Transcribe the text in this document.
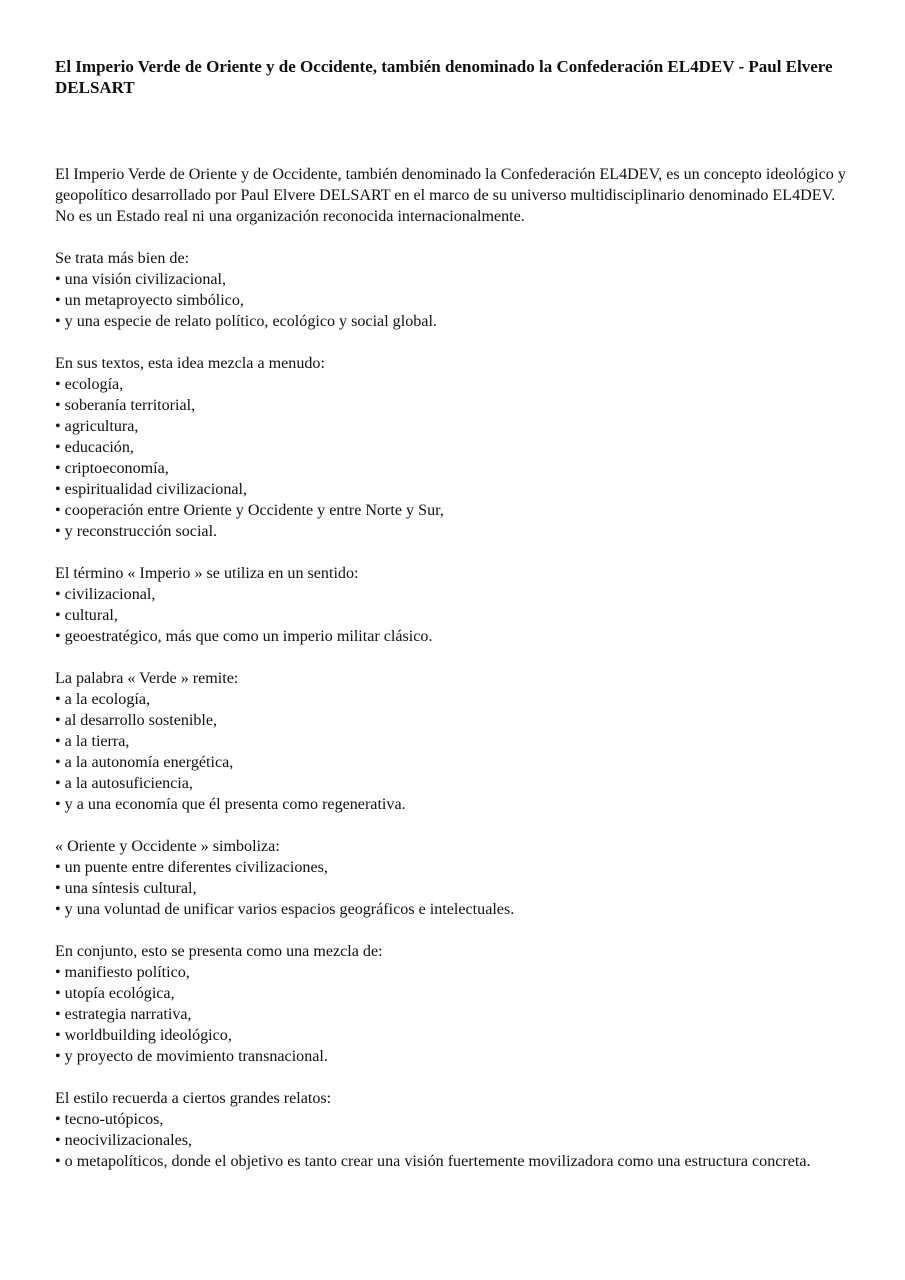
El Imperio Verde de Oriente y de Occidente, también denominado la Confederación EL4DEV - Paul Elvere DELSART
El Imperio Verde de Oriente y de Occidente, también denominado la Confederación EL4DEV, es un concepto ideológico y geopolítico desarrollado por Paul Elvere DELSART en el marco de su universo multidisciplinario denominado EL4DEV.
No es un Estado real ni una organización reconocida internacionalmente.
Se trata más bien de:
• una visión civilizacional,
• un metaproyecto simbólico,
• y una especie de relato político, ecológico y social global.
En sus textos, esta idea mezcla a menudo:
• ecología,
• soberanía territorial,
• agricultura,
• educación,
• criptoeconomía,
• espiritualidad civilizacional,
• cooperación entre Oriente y Occidente y entre Norte y Sur,
• y reconstrucción social.
El término « Imperio » se utiliza en un sentido:
• civilizacional,
• cultural,
• geoestratégico, más que como un imperio militar clásico.
La palabra « Verde » remite:
• a la ecología,
• al desarrollo sostenible,
• a la tierra,
• a la autonomía energética,
• a la autosuficiencia,
• y a una economía que él presenta como regenerativa.
« Oriente y Occidente » simboliza:
• un puente entre diferentes civilizaciones,
• una síntesis cultural,
• y una voluntad de unificar varios espacios geográficos e intelectuales.
En conjunto, esto se presenta como una mezcla de:
• manifiesto político,
• utopía ecológica,
• estrategia narrativa,
• worldbuilding ideológico,
• y proyecto de movimiento transnacional.
El estilo recuerda a ciertos grandes relatos:
• tecno-utópicos,
• neocivilizacionales,
• o metapolíticos, donde el objetivo es tanto crear una visión fuertemente movilizadora como una estructura concreta.
